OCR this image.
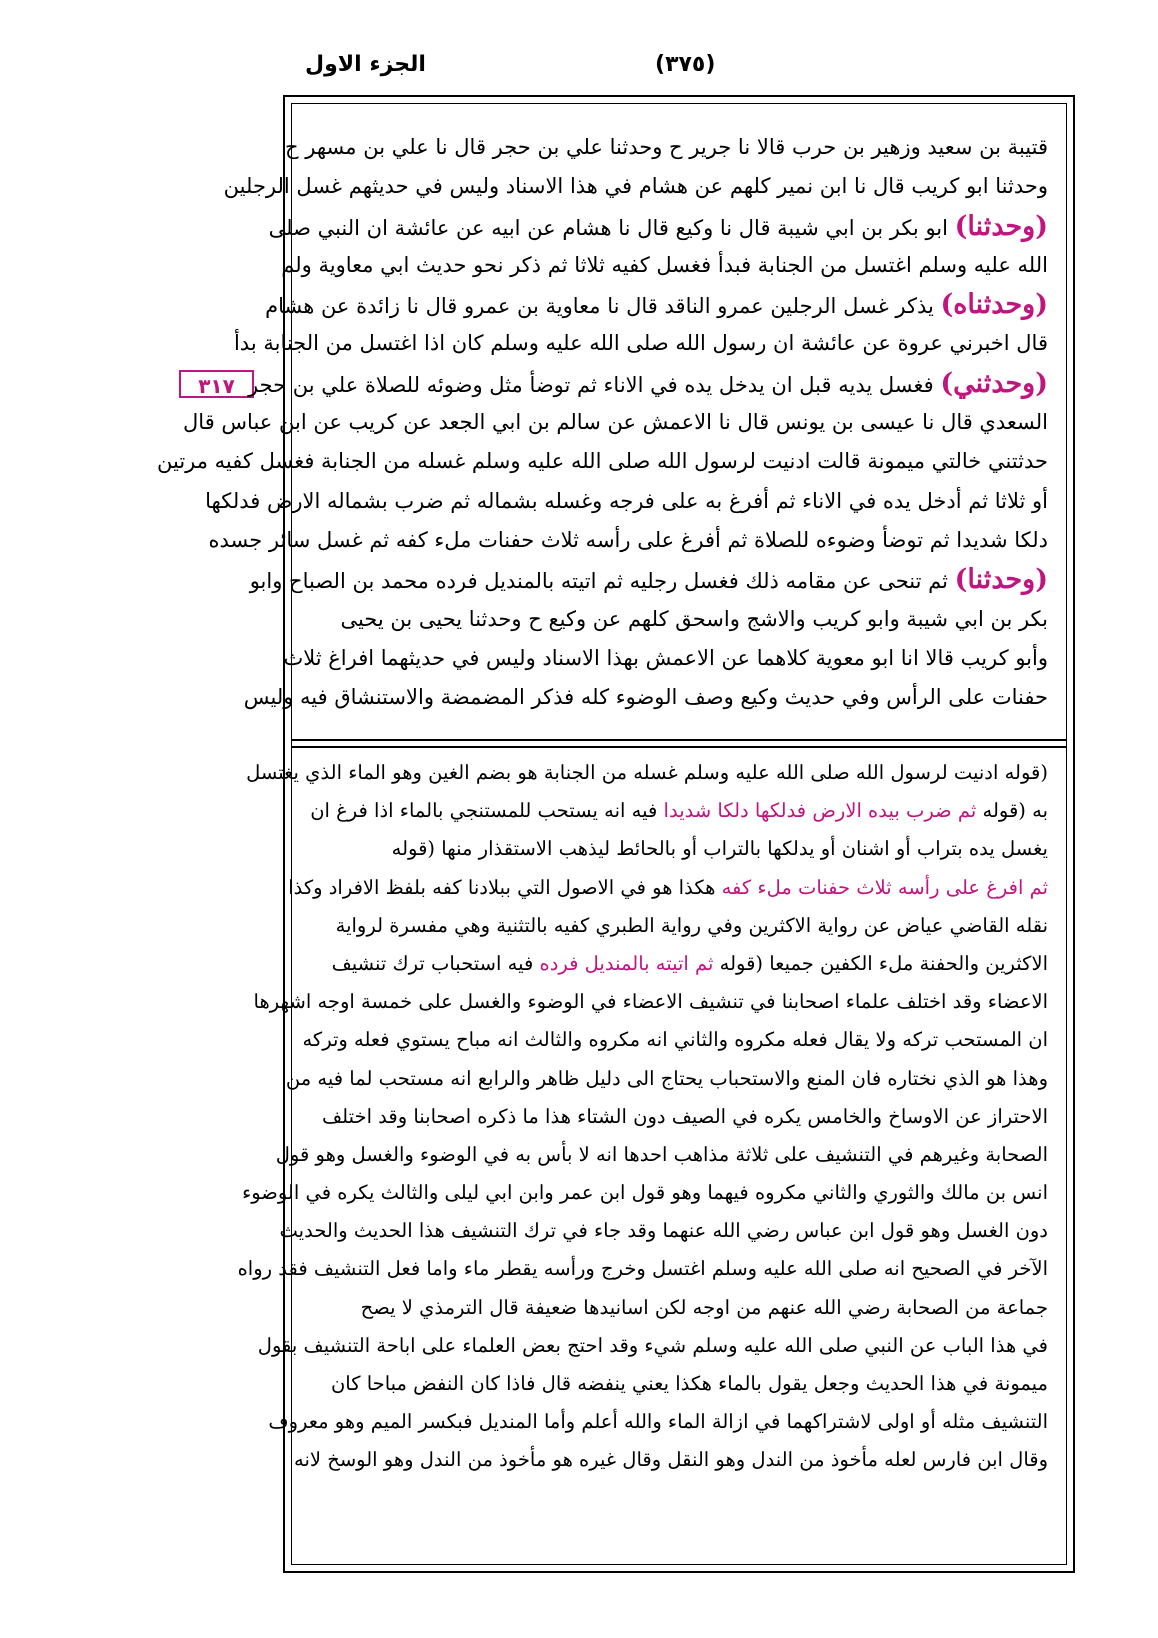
الجزء الاول	(٣٧٥)
٣١٧

قتيبة بن سعيد وزهير بن حرب قالا نا جرير ح وحدثنا علي بن حجر قال نا علي بن مسهر ح

وحدثنا ابو كريب قال نا ابن نمير كلهم عن هشام في هذا الاسناد وليس في حديثهم غسل الرجلين

(وحدثنا) ابو بكر بن ابي شيبة قال نا وكيع قال نا هشام عن ابيه عن عائشة ان النبي صلى

الله عليه وسلم اغتسل من الجنابة فبدأ فغسل كفيه ثلاثا ثم ذكر نحو حديث ابي معاوية ولم

(وحدثناه) يذكر غسل الرجلين عمرو الناقد قال نا معاوية بن عمرو قال نا زائدة عن هشام

قال اخبرني عروة عن عائشة ان رسول الله صلى الله عليه وسلم كان اذا اغتسل من الجنابة بدأ

(وحدثني) فغسل يديه قبل ان يدخل يده في الاناء ثم توضأ مثل وضوئه للصلاة علي بن حجر

السعدي قال نا عيسى بن يونس قال نا الاعمش عن سالم بن ابي الجعد عن كريب عن ابن عباس قال

حدثتني خالتي ميمونة قالت ادنيت لرسول الله صلى الله عليه وسلم غسله من الجنابة فغسل كفيه مرتين

أو ثلاثا ثم أدخل يده في الاناء ثم أفرغ به على فرجه وغسله بشماله ثم ضرب بشماله الارض فدلكها

دلكا شديدا ثم توضأ وضوءه للصلاة ثم أفرغ على رأسه ثلاث حفنات ملء كفه ثم غسل سائر جسده

(وحدثنا) ثم تنحى عن مقامه ذلك فغسل رجليه ثم اتيته بالمنديل فرده محمد بن الصباح وابو

بكر بن ابي شيبة وابو كريب والاشج واسحق كلهم عن وكيع ح وحدثنا يحيى بن يحيى

وأبو كريب قالا انا ابو معوية كلاهما عن الاعمش بهذا الاسناد وليس في حديثهما افراغ ثلاث

حفنات على الرأس وفي حديث وكيع وصف الوضوء كله فذكر المضمضة والاستنشاق فيه وليس

(قوله ادنيت لرسول الله صلى الله عليه وسلم غسله من الجنابة هو بضم الغين وهو الماء الذي يغتسل

به (قوله ثم ضرب بيده الارض فدلكها دلكا شديدا فيه انه يستحب للمستنجي بالماء اذا فرغ ان

يغسل يده بتراب أو اشنان أو يدلكها بالتراب أو بالحائط ليذهب الاستقذار منها (قوله

ثم افرغ على رأسه ثلاث حفنات ملء كفه هكذا هو في الاصول التي ببلادنا كفه بلفظ الافراد وكذا

نقله القاضي عياض عن رواية الاكثرين وفي رواية الطبري كفيه بالتثنية وهي مفسرة لرواية

الاكثرين والحفنة ملء الكفين جميعا (قوله ثم اتيته بالمنديل فرده فيه استحباب ترك تنشيف

الاعضاء وقد اختلف علماء اصحابنا في تنشيف الاعضاء في الوضوء والغسل على خمسة اوجه اشهرها

ان المستحب تركه ولا يقال فعله مكروه والثاني انه مكروه والثالث انه مباح يستوي فعله وتركه

وهذا هو الذي نختاره فان المنع والاستحباب يحتاج الى دليل ظاهر والرابع انه مستحب لما فيه من

الاحتراز عن الاوساخ والخامس يكره في الصيف دون الشتاء هذا ما ذكره اصحابنا وقد اختلف

الصحابة وغيرهم في التنشيف على ثلاثة مذاهب احدها انه لا بأس به في الوضوء والغسل وهو قول

انس بن مالك والثوري والثاني مكروه فيهما وهو قول ابن عمر وابن ابي ليلى والثالث يكره في الوضوء

دون الغسل وهو قول ابن عباس رضي الله عنهما وقد جاء في ترك التنشيف هذا الحديث والحديث

الآخر في الصحيح انه صلى الله عليه وسلم اغتسل وخرج ورأسه يقطر ماء واما فعل التنشيف فقد رواه

جماعة من الصحابة رضي الله عنهم من اوجه لكن اسانيدها ضعيفة قال الترمذي لا يصح

في هذا الباب عن النبي صلى الله عليه وسلم شيء وقد احتج بعض العلماء على اباحة التنشيف بقول

ميمونة في هذا الحديث وجعل يقول بالماء هكذا يعني ينفضه قال فاذا كان النفض مباحا كان

التنشيف مثله أو اولى لاشتراكهما في ازالة الماء والله أعلم وأما المنديل فبكسر الميم وهو معروف

وقال ابن فارس لعله مأخوذ من الندل وهو النقل وقال غيره هو مأخوذ من الندل وهو الوسخ لانه
